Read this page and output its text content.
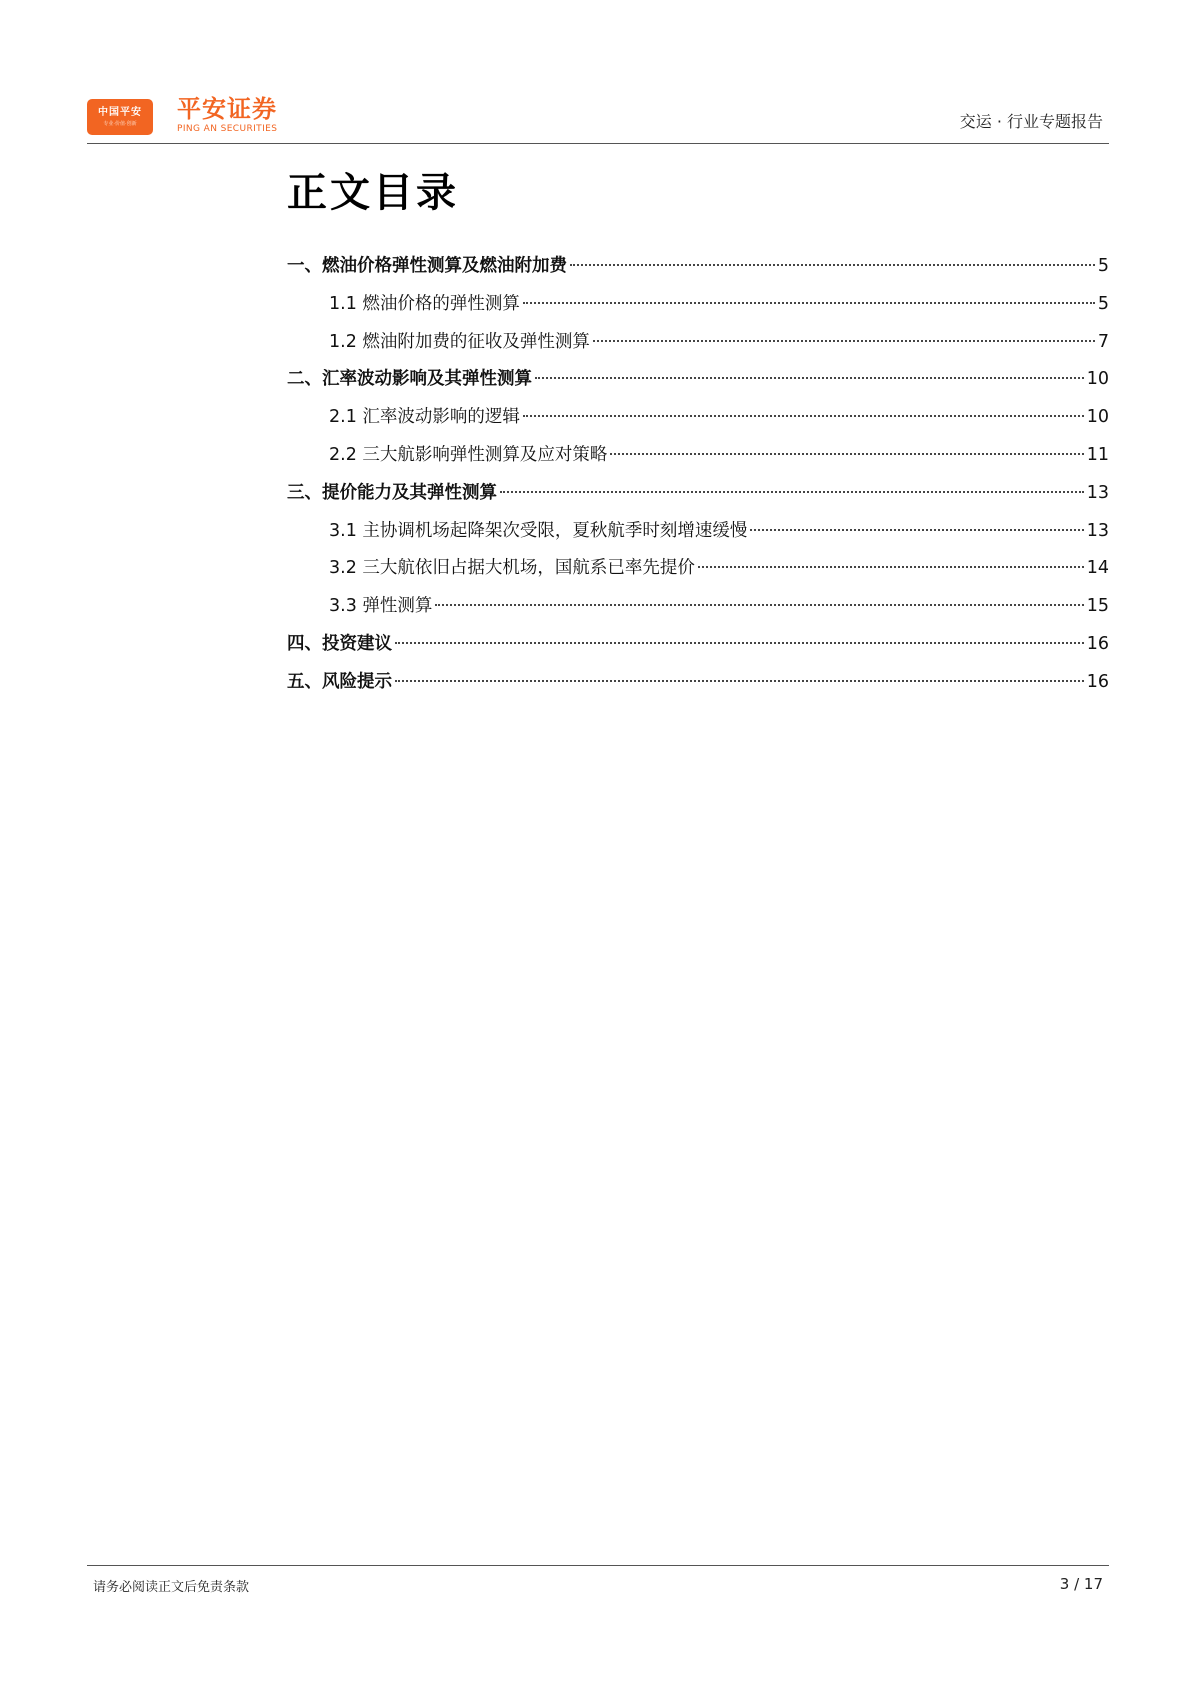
中国平安
专业·价值·创新
平安证券
PING AN SECURITIES	交运 · 行业专题报告
正文目录
一、燃油价格弹性测算及燃油附加费	5
1.1 燃油价格的弹性测算	5
1.2 燃油附加费的征收及弹性测算	7
二、汇率波动影响及其弹性测算	10
2.1 汇率波动影响的逻辑	10
2.2 三大航影响弹性测算及应对策略	11
三、提价能力及其弹性测算	13
3.1 主协调机场起降架次受限，夏秋航季时刻增速缓慢	13
3.2 三大航依旧占据大机场，国航系已率先提价	14
3.3 弹性测算	15
四、投资建议	16
五、风险提示	16
请务必阅读正文后免责条款	3 / 17
